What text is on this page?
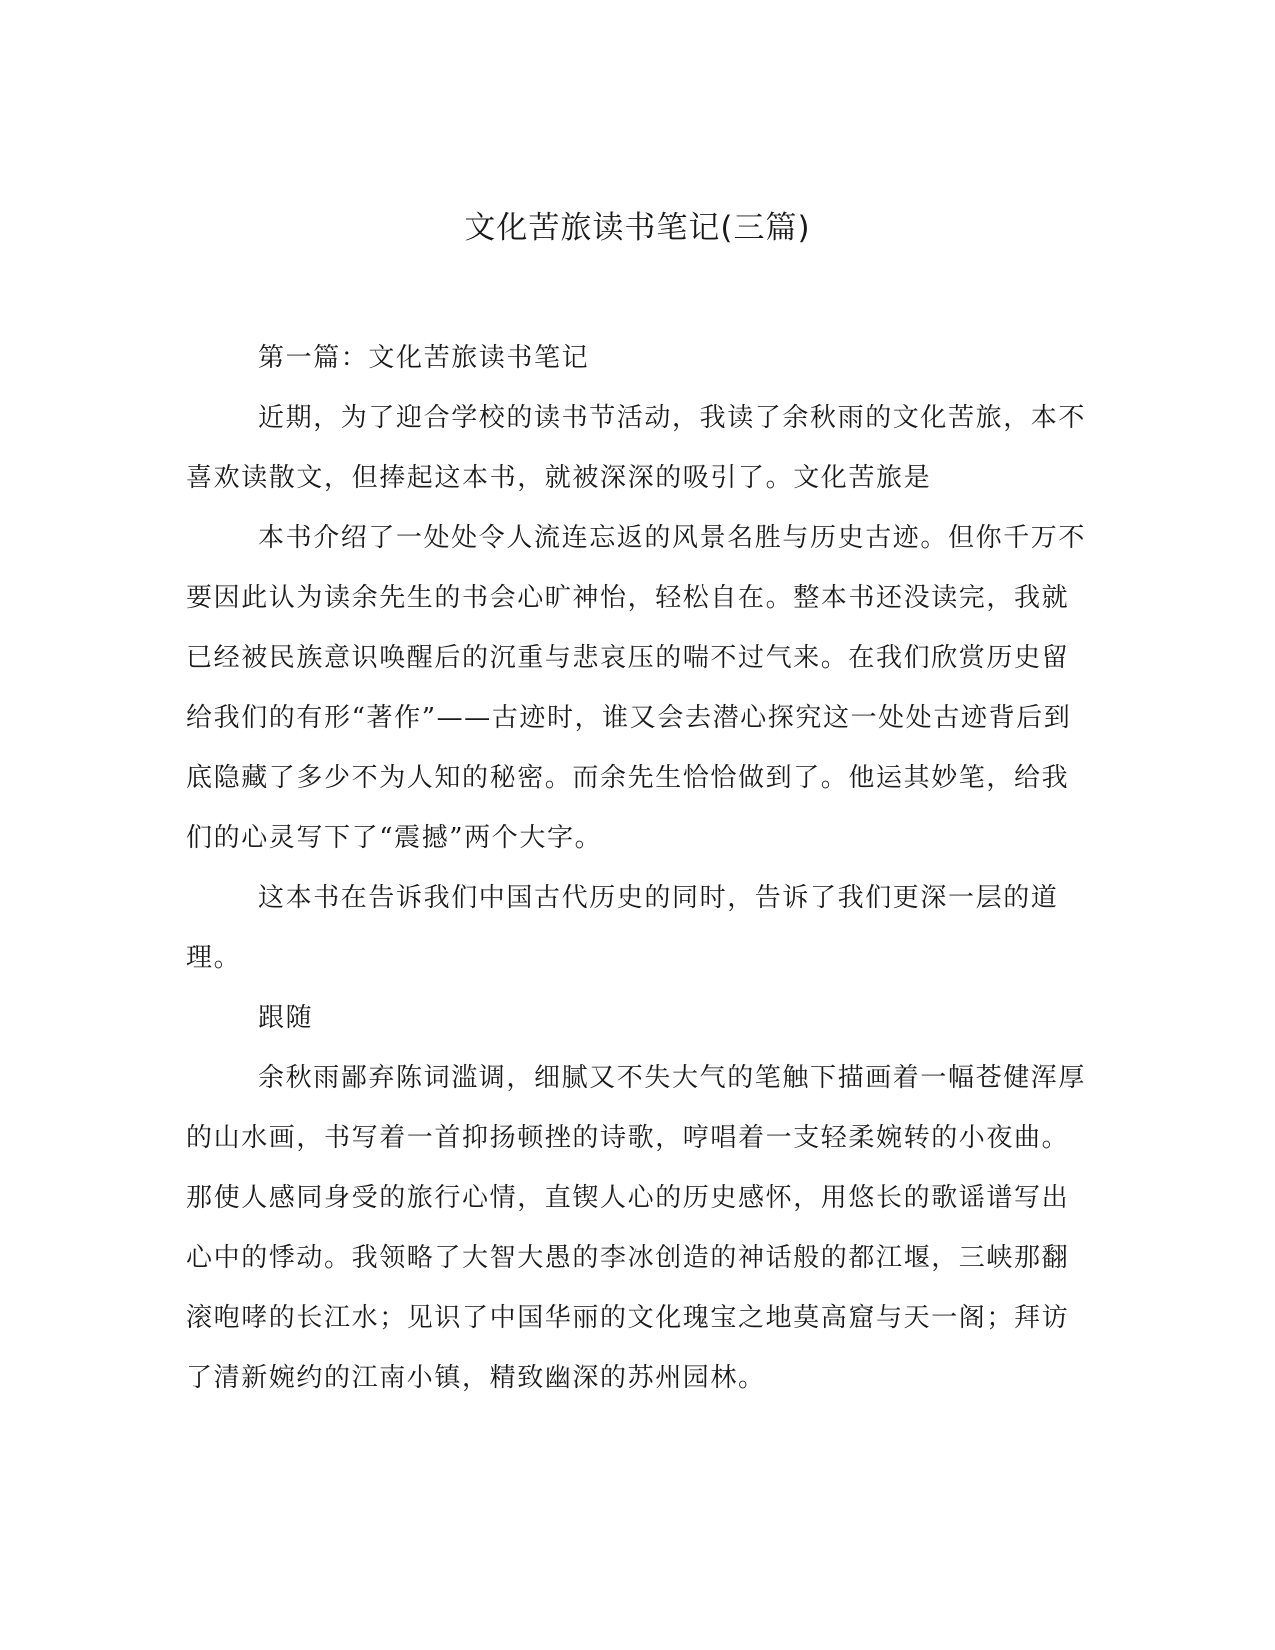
文化苦旅读书笔记(三篇)

第一篇：文化苦旅读书笔记

近期，为了迎合学校的读书节活动，我读了余秋雨的文化苦旅，本不喜欢读散文，但捧起这本书，就被深深的吸引了。文化苦旅是

本书介绍了一处处令人流连忘返的风景名胜与历史古迹。但你千万不要因此认为读余先生的书会心旷神怡，轻松自在。整本书还没读完，我就已经被民族意识唤醒后的沉重与悲哀压的喘不过气来。在我们欣赏历史留给我们的有形“著作”——古迹时，谁又会去潜心探究这一处处古迹背后到底隐藏了多少不为人知的秘密。而余先生恰恰做到了。他运其妙笔，给我们的心灵写下了“震撼”两个大字。

这本书在告诉我们中国古代历史的同时，告诉了我们更深一层的道理。

跟随

余秋雨鄙弃陈词滥调，细腻又不失大气的笔触下描画着一幅苍健浑厚的山水画，书写着一首抑扬顿挫的诗歌，哼唱着一支轻柔婉转的小夜曲。那使人感同身受的旅行心情，直锲人心的历史感怀，用悠长的歌谣谱写出心中的悸动。我领略了大智大愚的李冰创造的神话般的都江堰，三峡那翻滚咆哮的长江水；见识了中国华丽的文化瑰宝之地莫高窟与天一阁；拜访了清新婉约的江南小镇，精致幽深的苏州园林。
